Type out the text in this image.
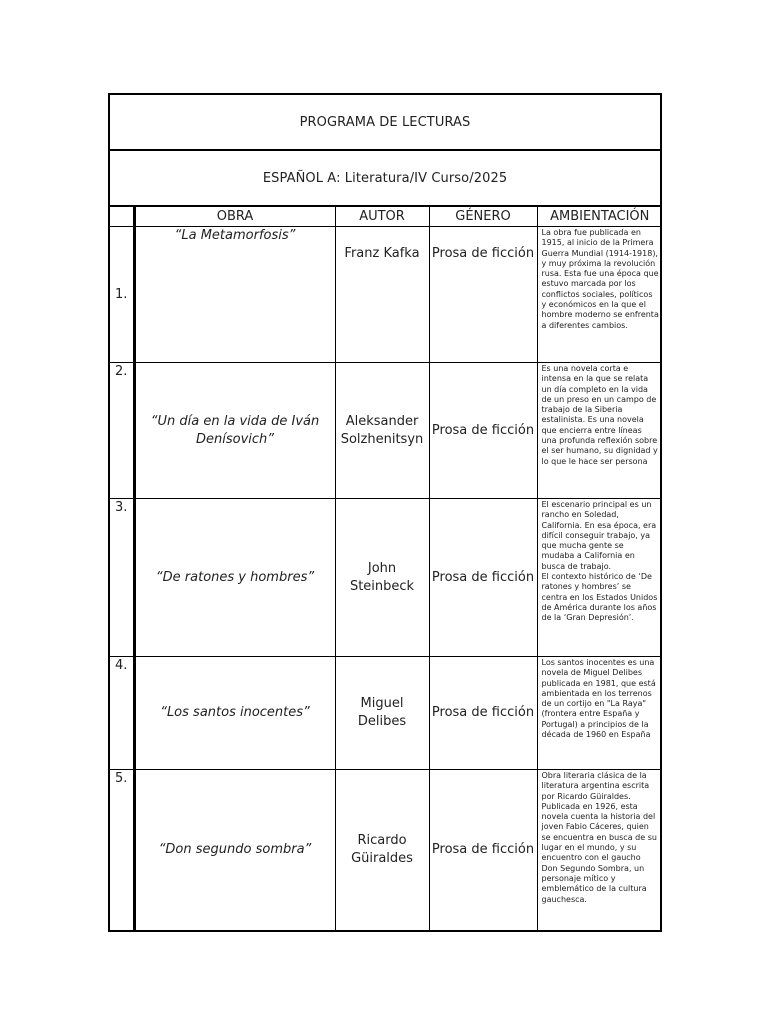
PROGRAMA DE LECTURAS
ESPAÑOL A: Literatura/IV Curso/2025
	OBRA	AUTOR	GÉNERO	AMBIENTACIÓN
1.	“La Metamorfosis”	Franz Kafka	Prosa de ficción	La obra fue publicada en 1915, al inicio de la Primera Guerra Mundial (1914-1918), y muy próxima la revolución rusa. Esta fue una época que estuvo marcada por los conflictos sociales, políticos y económicos en la que el hombre moderno se enfrenta a diferentes cambios.

2.	“Un día en la vida de Iván Denísovich”	Aleksander Solzhenitsyn	Prosa de ficción	Es una novela corta e intensa en la que se relata un día completo en la vida de un preso en un campo de trabajo de la Siberia estalinista. Es una novela que encierra entre líneas una profunda reflexión sobre el ser humano, su dignidad y lo que le hace ser persona

3.	“De ratones y hombres”	John Steinbeck	Prosa de ficción	El escenario principal es un rancho en Soledad, California. En esa época, era difícil conseguir trabajo, ya que mucha gente se mudaba a California en busca de trabajo.
El contexto histórico de ‘De ratones y hombres’ se centra en los Estados Unidos de América durante los años de la ‘Gran Depresión’.

4.	“Los santos inocentes”	Miguel Delibes	Prosa de ficción	Los santos inocentes es una novela de Miguel Delibes publicada en 1981, que está ambientada en los terrenos de un cortijo en "La Raya" (frontera entre España y Portugal) a principios de la década de 1960 en España

5.	“Don segundo sombra”	Ricardo Güiraldes	Prosa de ficción	Obra literaria clásica de la literatura argentina escrita por Ricardo Güiraldes. Publicada en 1926, esta novela cuenta la historia del joven Fabio Cáceres, quien se encuentra en busca de su lugar en el mundo, y su encuentro con el gaucho Don Segundo Sombra, un personaje mítico y emblemático de la cultura gauchesca.
